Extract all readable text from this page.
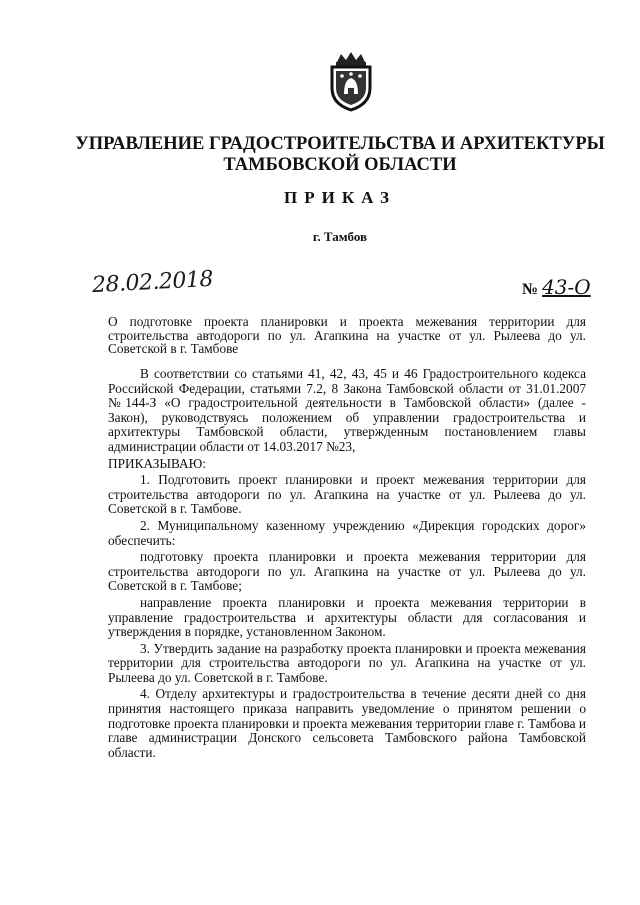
УПРАВЛЕНИЕ ГРАДОСТРОИТЕЛЬСТВА И АРХИТЕКТУРЫ
ТАМБОВСКОЙ ОБЛАСТИ
ПРИКАЗ
г. Тамбов
28.02.2018	№ 43-О
О подготовке проекта планировки и проекта межевания территории для строительства автодороги по ул. Агапкина на участке от ул. Рылеева до ул. Советской в г. Тамбове

В соответствии со статьями 41, 42, 43, 45 и 46 Градостроительного кодекса Российской Федерации, статьями 7.2, 8 Закона Тамбовской области от 31.01.2007 №144-З «О градостроительной деятельности в Тамбовской области» (далее - Закон), руководствуясь положением об управлении градостроительства и архитектуры Тамбовской области, утвержденным постановлением главы администрации области от 14.03.2017 №23,

ПРИКАЗЫВАЮ:

1. Подготовить проект планировки и проект межевания территории для строительства автодороги по ул. Агапкина на участке от ул. Рылеева до ул. Советской в г. Тамбове.

2. Муниципальному казенному учреждению «Дирекция городских дорог» обеспечить:

подготовку проекта планировки и проекта межевания территории для строительства автодороги по ул. Агапкина на участке от ул. Рылеева до ул. Советской в г. Тамбове;

направление проекта планировки и проекта межевания территории в управление градостроительства и архитектуры области для согласования и утверждения в порядке, установленном Законом.

3. Утвердить задание на разработку проекта планировки и проекта межевания территории для строительства автодороги по ул. Агапкина на участке от ул. Рылеева до ул. Советской в г. Тамбове.

4. Отделу архитектуры и градостроительства в течение десяти дней со дня принятия настоящего приказа направить уведомление о принятом решении о подготовке проекта планировки и проекта межевания территории главе г. Тамбова и главе администрации Донского сельсовета Тамбовского района Тамбовской области.
